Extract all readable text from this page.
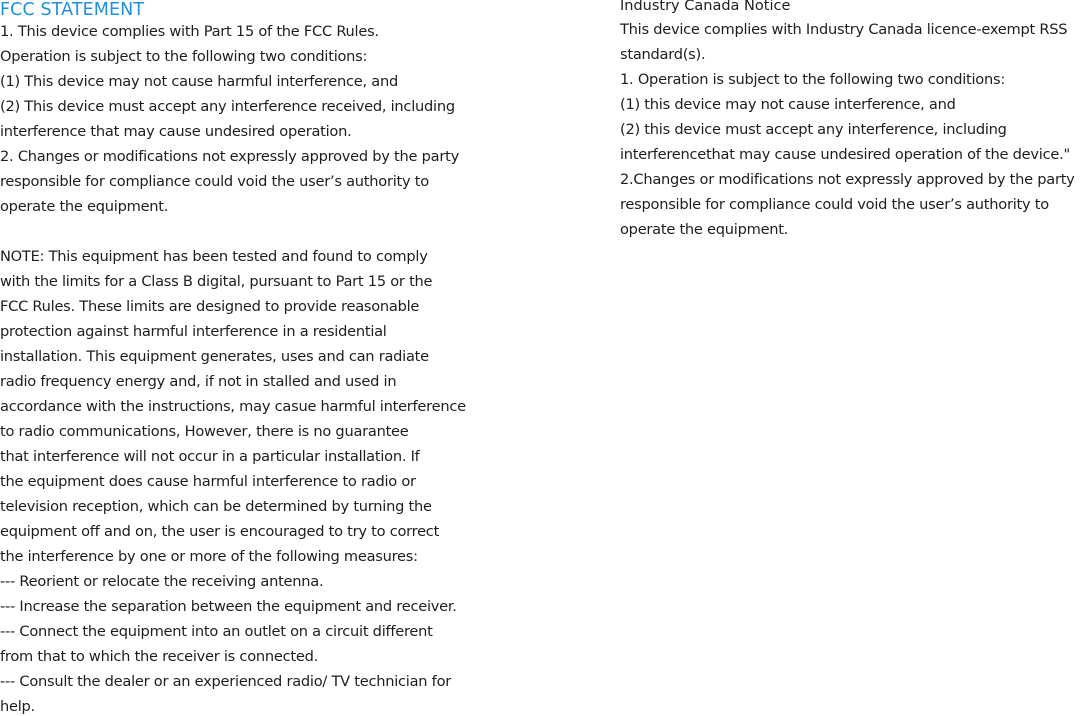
FCC STATEMENT
1. This device complies with Part 15 of the FCC Rules.
Operation is subject to the following two conditions:
(1) This device may not cause harmful interference, and
(2) This device must accept any interference received, including
interference that may cause undesired operation.
2. Changes or modifications not expressly approved by the party
responsible for compliance could void the user’s authority to
operate the equipment.
NOTE: This equipment has been tested and found to comply
with the limits for a Class B digital, pursuant to Part 15 or the
FCC Rules. These limits are designed to provide reasonable
protection against harmful interference in a residential
installation. This equipment generates, uses and can radiate
radio frequency energy and, if not in stalled and used in
accordance with the instructions, may casue harmful interference
to radio communications, However, there is no guarantee
that interference will not occur in a particular installation. If
the equipment does cause harmful interference to radio or
television reception, which can be determined by turning the
equipment off and on, the user is encouraged to try to correct
the interference by one or more of the following measures:
--- Reorient or relocate the receiving antenna.
--- Increase the separation between the equipment and receiver.
--- Connect the equipment into an outlet on a circuit different
from that to which the receiver is connected.
--- Consult the dealer or an experienced radio/ TV technician for
help.
Industry Canada Notice
This device complies with Industry Canada licence-exempt RSS
standard(s).
1. Operation is subject to the following two conditions:
(1) this device may not cause interference, and
(2) this device must accept any interference, including
interferencethat may cause undesired operation of the device."
2.Changes or modifications not expressly approved by the party
responsible for compliance could void the user’s authority to
operate the equipment.
